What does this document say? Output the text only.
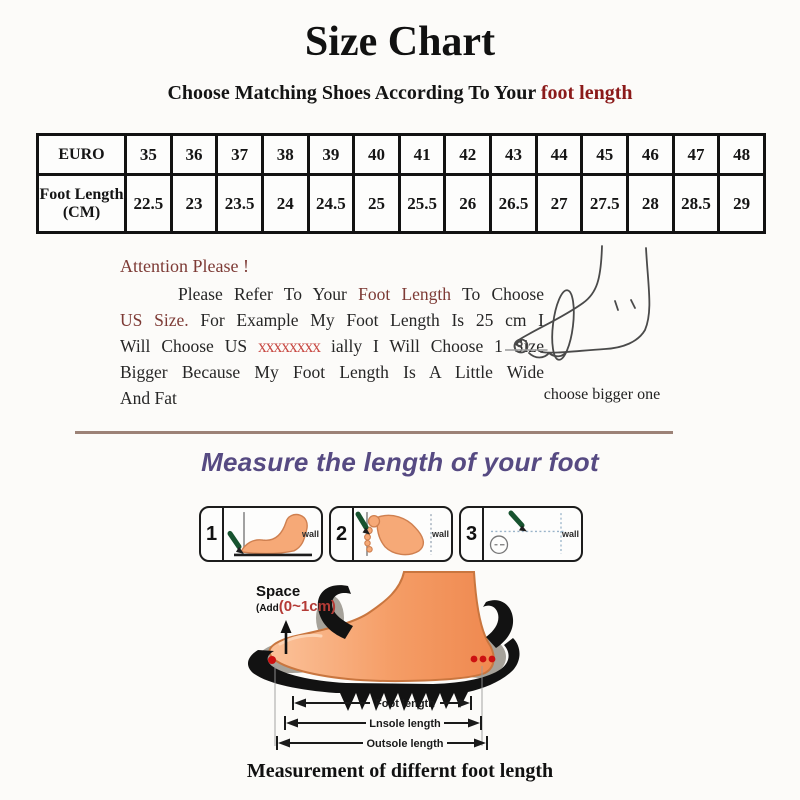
Size Chart
Choose Matching Shoes According To Your foot length
EURO	35	36	37	38	39	40	41	42	43	44	45	46	47	48
Foot Length (CM)	22.5	23	23.5	24	24.5	25	25.5	26	26.5	27	27.5	28	28.5	29
Attention Please !
Please Refer To Your Foot Length To Choose
US Size. For Example My Foot Length Is 25 cm I
Will Choose US xxxxxxxx ially I Will Choose 1 Size
Bigger Because My Foot Length Is A Little Wide
And Fat	choose bigger one
Measure the length of your foot
1	wall 2	wall 3	wall
Foot length
Lnsole length
Outsole length
Space
(Add(0~1cm)
Measurement of differnt foot length
